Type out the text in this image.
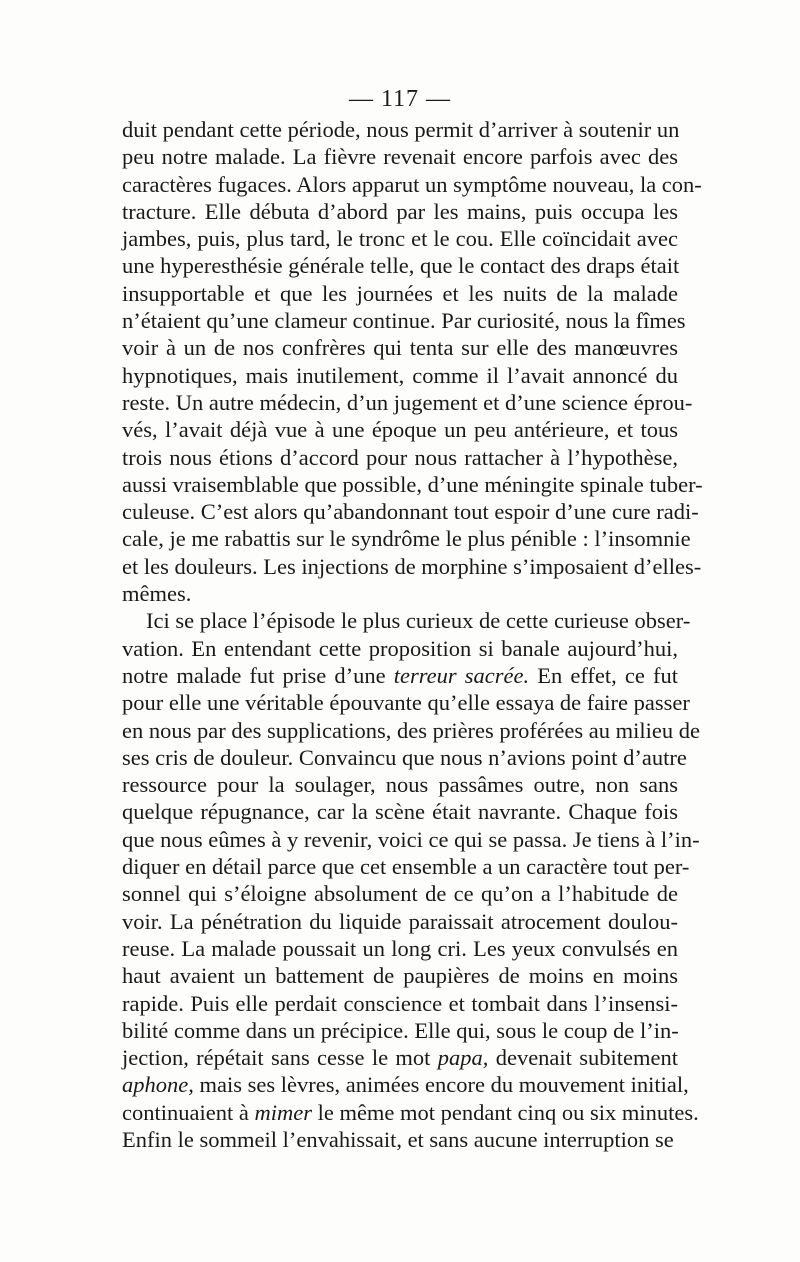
— 117 —
duit pendant cette période, nous permit d’arriver à soutenir un
peu notre malade. La fièvre revenait encore parfois avec des
caractères fugaces. Alors apparut un symptôme nouveau, la con-
tracture. Elle débuta d’abord par les mains, puis occupa les
jambes, puis, plus tard, le tronc et le cou. Elle coïncidait avec
une hyperesthésie générale telle, que le contact des draps était
insupportable et que les journées et les nuits de la malade
n’étaient qu’une clameur continue. Par curiosité, nous la fîmes
voir à un de nos confrères qui tenta sur elle des manœuvres
hypnotiques, mais inutilement, comme il l’avait annoncé du
reste. Un autre médecin, d’un jugement et d’une science éprou-
vés, l’avait déjà vue à une époque un peu antérieure, et tous
trois nous étions d’accord pour nous rattacher à l’hypothèse,
aussi vraisemblable que possible, d’une méningite spinale tuber-
culeuse. C’est alors qu’abandonnant tout espoir d’une cure radi-
cale, je me rabattis sur le syndrôme le plus pénible : l’insomnie
et les douleurs. Les injections de morphine s’imposaient d’elles-
mêmes.
Ici se place l’épisode le plus curieux de cette curieuse obser-
vation. En entendant cette proposition si banale aujourd’hui,
notre malade fut prise d’une terreur sacrée. En effet, ce fut
pour elle une véritable épouvante qu’elle essaya de faire passer
en nous par des supplications, des prières proférées au milieu de
ses cris de douleur. Convaincu que nous n’avions point d’autre
ressource pour la soulager, nous passâmes outre, non sans
quelque répugnance, car la scène était navrante. Chaque fois
que nous eûmes à y revenir, voici ce qui se passa. Je tiens à l’in-
diquer en détail parce que cet ensemble a un caractère tout per-
sonnel qui s’éloigne absolument de ce qu’on a l’habitude de
voir. La pénétration du liquide paraissait atrocement doulou-
reuse. La malade poussait un long cri. Les yeux convulsés en
haut avaient un battement de paupières de moins en moins
rapide. Puis elle perdait conscience et tombait dans l’insensi-
bilité comme dans un précipice. Elle qui, sous le coup de l’in-
jection, répétait sans cesse le mot papa, devenait subitement
aphone, mais ses lèvres, animées encore du mouvement initial,
continuaient à mimer le même mot pendant cinq ou six minutes.
Enfin le sommeil l’envahissait, et sans aucune interruption se
